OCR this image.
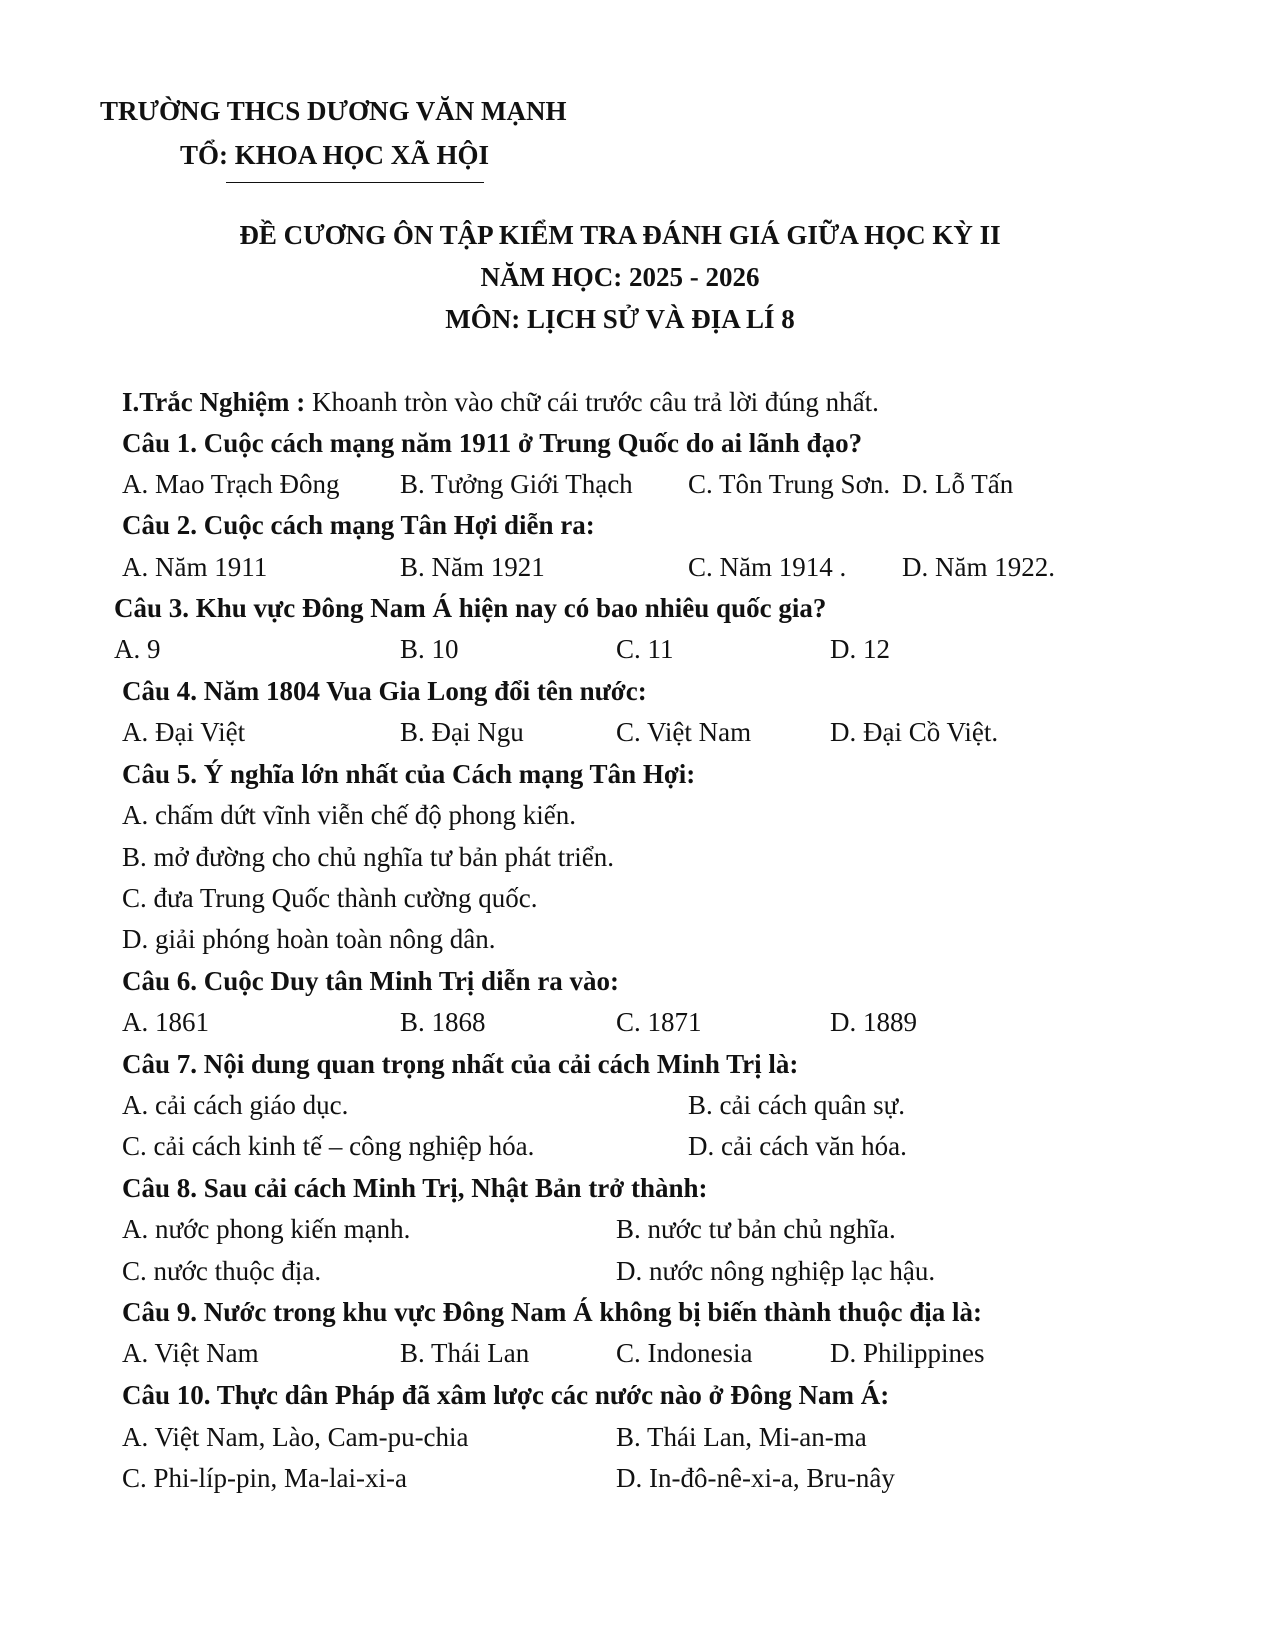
TRƯỜNG THCS DƯƠNG VĂN MẠNH
TỔ: KHOA HỌC XÃ HỘI
ĐỀ CƯƠNG ÔN TẬP KIỂM TRA ĐÁNH GIÁ GIỮA HỌC KỲ II
NĂM HỌC: 2025 - 2026
MÔN: LỊCH SỬ VÀ ĐỊA LÍ 8
I.Trắc Nghiệm : Khoanh tròn vào chữ cái trước câu trả lời đúng nhất.
Câu 1. Cuộc cách mạng năm 1911 ở Trung Quốc do ai lãnh đạo?
A. Mao Trạch Đông B. Tưởng Giới Thạch C. Tôn Trung Sơn. D. Lỗ Tấn
Câu 2. Cuộc cách mạng Tân Hợi diễn ra:
A. Năm 1911	B. Năm 1921	C. Năm 1914 . D. Năm 1922.
Câu 3. Khu vực Đông Nam Á hiện nay có bao nhiêu quốc gia?
A. 9	B. 10	C. 11	D. 12
Câu 4. Năm 1804 Vua Gia Long đổi tên nước:
A. Đại Việt	B. Đại Ngu	C. Việt Nam	D. Đại Cồ Việt.
Câu 5. Ý nghĩa lớn nhất của Cách mạng Tân Hợi:
A. chấm dứt vĩnh viễn chế độ phong kiến.
B. mở đường cho chủ nghĩa tư bản phát triển.
C. đưa Trung Quốc thành cường quốc.
D. giải phóng hoàn toàn nông dân.
Câu 6. Cuộc Duy tân Minh Trị diễn ra vào:
A. 1861	B. 1868	C. 1871	D. 1889
Câu 7. Nội dung quan trọng nhất của cải cách Minh Trị là:
A. cải cách giáo dục.	B. cải cách quân sự.
C. cải cách kinh tế – công nghiệp hóa.	D. cải cách văn hóa.
Câu 8. Sau cải cách Minh Trị, Nhật Bản trở thành:
A. nước phong kiến mạnh.	B. nước tư bản chủ nghĩa.
C. nước thuộc địa.	D. nước nông nghiệp lạc hậu.
Câu 9. Nước trong khu vực Đông Nam Á không bị biến thành thuộc địa là:
A. Việt Nam	B. Thái Lan	C. Indonesia	D. Philippines
Câu 10. Thực dân Pháp đã xâm lược các nước nào ở Đông Nam Á:
A. Việt Nam, Lào, Cam-pu-chia	B. Thái Lan, Mi-an-ma
C. Phi-líp-pin, Ma-lai-xi-a	D. In-đô-nê-xi-a, Bru-nây
